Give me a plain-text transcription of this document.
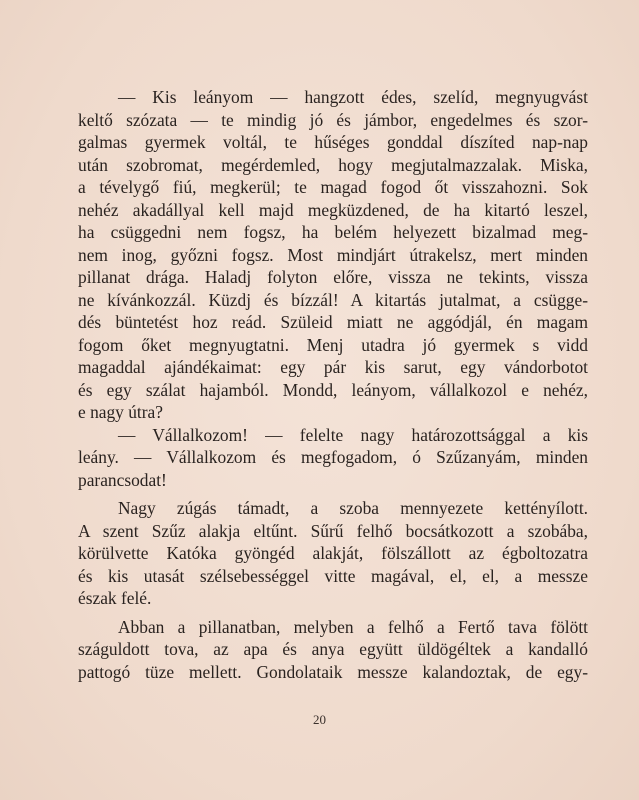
— Kis leányom — hangzott édes, szelíd, megnyugvást
keltő szózata — te mindig jó és jámbor, engedelmes és szor-
galmas gyermek voltál, te hűséges gonddal díszíted nap-nap
után szobromat, megérdemled, hogy megjutalmazzalak. Miska,
a tévelygő fiú, megkerül; te magad fogod őt visszahozni. Sok
nehéz akadállyal kell majd megküzdened, de ha kitartó leszel,
ha csüggedni nem fogsz, ha belém helyezett bizalmad meg-
nem inog, győzni fogsz. Most mindjárt útrakelsz, mert minden
pillanat drága. Haladj folyton előre, vissza ne tekints, vissza
ne kívánkozzál. Küzdj és bízzál! A kitartás jutalmat, a csügge-
dés büntetést hoz reád. Szüleid miatt ne aggódjál, én magam
fogom őket megnyugtatni. Menj utadra jó gyermek s vidd
magaddal ajándékaimat: egy pár kis sarut, egy vándorbotot
és egy szálat hajamból. Mondd, leányom, vállalkozol e nehéz,
e nagy útra?
— Vállalkozom! — felelte nagy határozottsággal a kis
leány. — Vállalkozom és megfogadom, ó Szűzanyám, minden
parancsodat!
Nagy zúgás támadt, a szoba mennyezete kettényílott.
A szent Szűz alakja eltűnt. Sűrű felhő bocsátkozott a szobába,
körülvette Katóka gyöngéd alakját, fölszállott az égboltozatra
és kis utasát szélsebességgel vitte magával, el, el, a messze
észak felé.
Abban a pillanatban, melyben a felhő a Fertő tava fölött
száguldott tova, az apa és anya együtt üldögéltek a kandalló
pattogó tüze mellett. Gondolataik messze kalandoztak, de egy-
20
